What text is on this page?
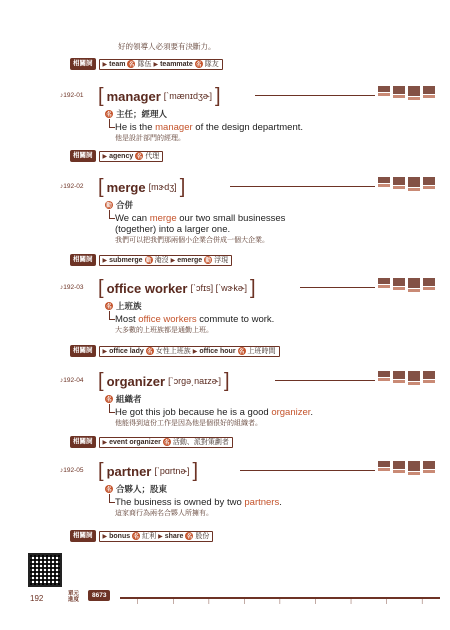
好的領導人必須要有決斷力。
相關詞	▶ team 名 隊伍 ▶ teammate 名 隊友
♪192-01 [ manager [ˋmænɪdʒɚ] ]
名 主任；經理人
He is the manager of the design department.
他是設計部門的經理。
相關詞	▶ agency 名 代理
♪192-02 [ merge [mɝdʒ] ]
動 合併
We can merge our two small businesses
(together) into a larger one.
我們可以把我們那兩個小企業合併成一個大企業。
相關詞	▶ submerge 動 淹沒 ▶ emerge 動 浮現
♪192-03 [ office worker [ˋɔfɪs] [ˋwɝkɚ] ]
名 上班族
Most office workers commute to work.
大多數的上班族都是通勤上班。
相關詞	▶ office lady 名 女性上班族 ▶ office hour 名 上班時間
♪192-04 [ organizer [ˋɔrgə͵naɪzɚ] ]
名 組織者
He got this job because he is a good organizer.
他能得到這份工作是因為他是個很好的組織者。
相關詞	▶ event organizer 名 活動、派對策劃者
♪192-05 [ partner [ˋpɑrtnɚ] ]
名 合夥人；股東
The business is owned by two partners.
這家商行為兩名合夥人所擁有。
相關詞	▶ bonus 名 紅利 ▶ share 名 股份
192	單元
進度
8673
|	|	|	|	|	|	|	|	|
